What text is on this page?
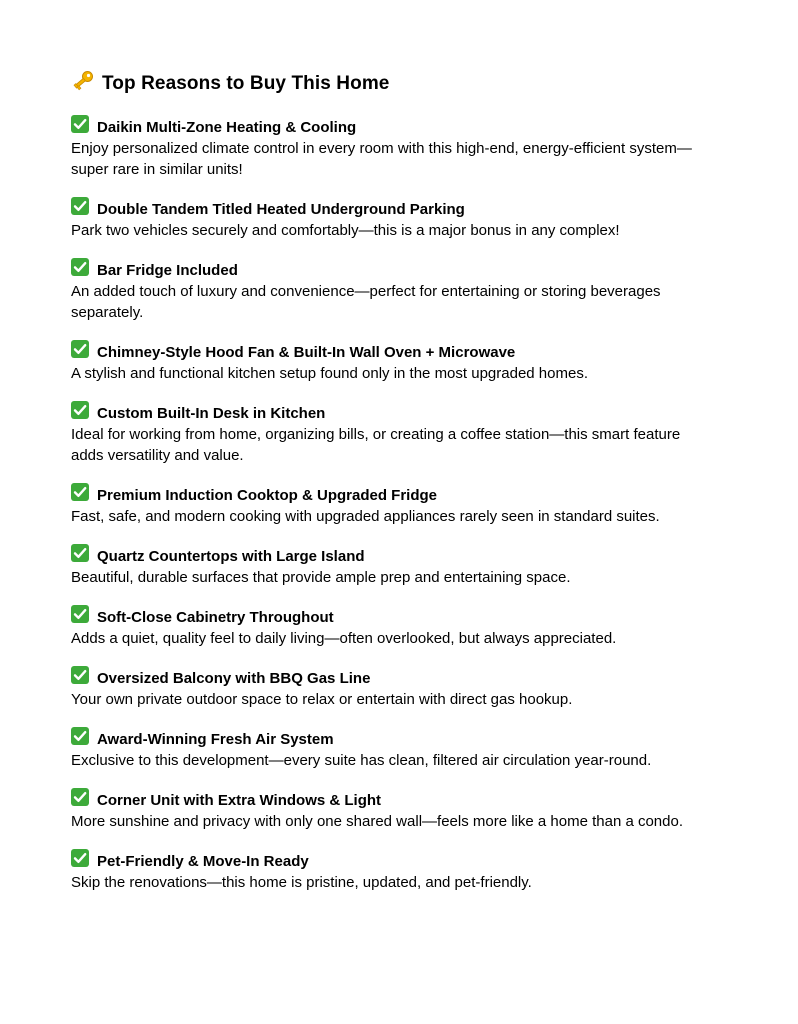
Top Reasons to Buy This Home
Daikin Multi-Zone Heating & Cooling
Enjoy personalized climate control in every room with this high-end, energy-efficient system—super rare in similar units!
Double Tandem Titled Heated Underground Parking
Park two vehicles securely and comfortably—this is a major bonus in any complex!
Bar Fridge Included
An added touch of luxury and convenience—perfect for entertaining or storing beverages separately.
Chimney-Style Hood Fan & Built-In Wall Oven + Microwave
A stylish and functional kitchen setup found only in the most upgraded homes.
Custom Built-In Desk in Kitchen
Ideal for working from home, organizing bills, or creating a coffee station—this smart feature adds versatility and value.
Premium Induction Cooktop & Upgraded Fridge
Fast, safe, and modern cooking with upgraded appliances rarely seen in standard suites.
Quartz Countertops with Large Island
Beautiful, durable surfaces that provide ample prep and entertaining space.
Soft-Close Cabinetry Throughout
Adds a quiet, quality feel to daily living—often overlooked, but always appreciated.
Oversized Balcony with BBQ Gas Line
Your own private outdoor space to relax or entertain with direct gas hookup.
Award-Winning Fresh Air System
Exclusive to this development—every suite has clean, filtered air circulation year-round.
Corner Unit with Extra Windows & Light
More sunshine and privacy with only one shared wall—feels more like a home than a condo.
Pet-Friendly & Move-In Ready
Skip the renovations—this home is pristine, updated, and pet-friendly.
